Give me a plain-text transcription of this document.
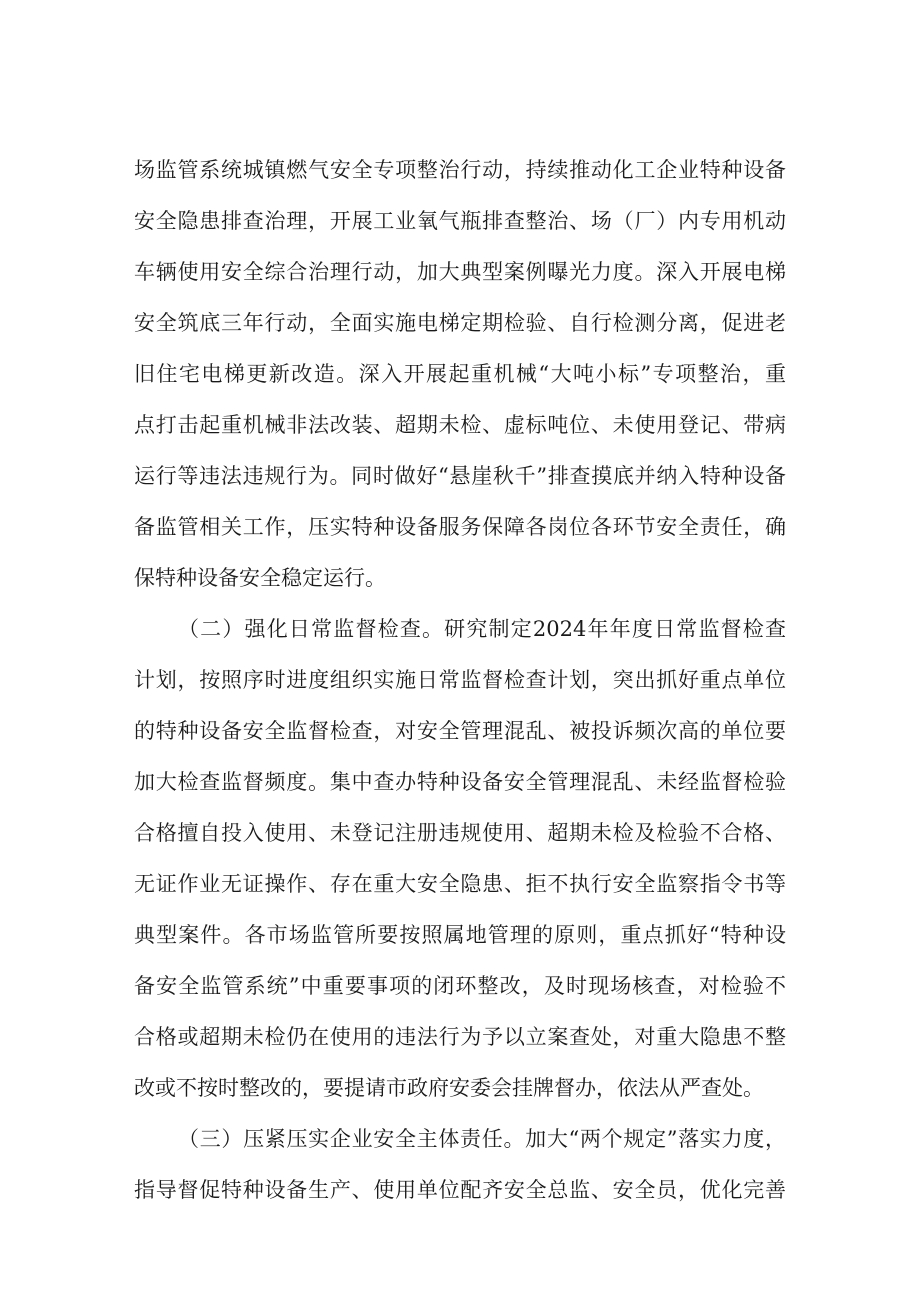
场监管系统城镇燃气安全专项整治行动，持续推动化工企业特种设备
安全隐患排查治理，开展工业氧气瓶排查整治、场（厂）内专用机动
车辆使用安全综合治理行动，加大典型案例曝光力度。深入开展电梯
安全筑底三年行动，全面实施电梯定期检验、自行检测分离，促进老
旧住宅电梯更新改造。深入开展起重机械“大吨小标”专项整治，重
点打击起重机械非法改装、超期未检、虚标吨位、未使用登记、带病
运行等违法违规行为。同时做好“悬崖秋千”排查摸底并纳入特种设备
备监管相关工作，压实特种设备服务保障各岗位各环节安全责任，确
保特种设备安全稳定运行。
（二）强化日常监督检查。研究制定2024年年度日常监督检查
计划，按照序时进度组织实施日常监督检查计划，突出抓好重点单位
的特种设备安全监督检查，对安全管理混乱、被投诉频次高的单位要
加大检查监督频度。集中查办特种设备安全管理混乱、未经监督检验
合格擅自投入使用、未登记注册违规使用、超期未检及检验不合格、
无证作业无证操作、存在重大安全隐患、拒不执行安全监察指令书等
典型案件。各市场监管所要按照属地管理的原则，重点抓好“特种设
备安全监管系统”中重要事项的闭环整改，及时现场核查，对检验不
合格或超期未检仍在使用的违法行为予以立案查处，对重大隐患不整
改或不按时整改的，要提请市政府安委会挂牌督办，依法从严查处。
（三）压紧压实企业安全主体责任。加大“两个规定”落实力度，
指导督促特种设备生产、使用单位配齐安全总监、安全员，优化完善
